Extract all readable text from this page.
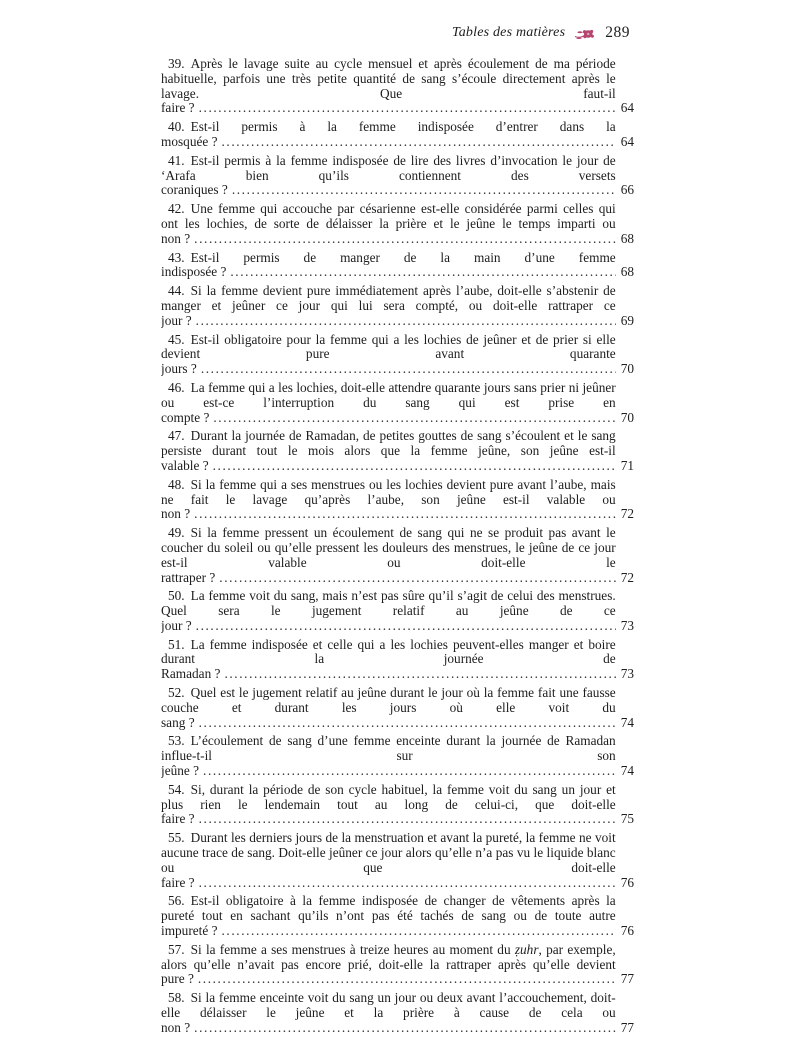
Tables des matières	289

39. Après le lavage suite au cycle mensuel et après écoulement de ma période habituelle, parfois une très petite quantité de sang s’écoule directement après le lavage. Que faut-il faire ? .....	64

40. Est-il permis à la femme indisposée d’entrer dans la mosquée ? .....	64

41. Est-il permis à la femme indisposée de lire des livres d’invocation le jour de ‘Arafa bien qu’ils contiennent des versets coraniques ? .....	66

42. Une femme qui accouche par césarienne est-elle considérée parmi celles qui ont les lochies, de sorte de délaisser la prière et le jeûne le temps imparti ou non ? .....	68

43. Est-il permis de manger de la main d’une femme indisposée ? .....	68

44. Si la femme devient pure immédiatement après l’aube, doit-elle s’abstenir de manger et jeûner ce jour qui lui sera compté, ou doit-elle rattraper ce jour ? .....	69

45. Est-il obligatoire pour la femme qui a les lochies de jeûner et de prier si elle devient pure avant quarante jours ? .....	70

46. La femme qui a les lochies, doit-elle attendre quarante jours sans prier ni jeûner ou est-ce l’interruption du sang qui est prise en compte ? .....	70

47. Durant la journée de Ramadan, de petites gouttes de sang s’écoulent et le sang persiste durant tout le mois alors que la femme jeûne, son jeûne est-il valable ? .....	71

48. Si la femme qui a ses menstrues ou les lochies devient pure avant l’aube, mais ne fait le lavage qu’après l’aube, son jeûne est-il valable ou non ? .....	72

49. Si la femme pressent un écoulement de sang qui ne se produit pas avant le coucher du soleil ou qu’elle pressent les douleurs des menstrues, le jeûne de ce jour est-il valable ou doit-elle le rattraper ? .....	72

50. La femme voit du sang, mais n’est pas sûre qu’il s’agit de celui des menstrues. Quel sera le jugement relatif au jeûne de ce jour ? .....	73

51. La femme indisposée et celle qui a les lochies peuvent-elles manger et boire durant la journée de Ramadan ? .....	73

52. Quel est le jugement relatif au jeûne durant le jour où la femme fait une fausse couche et durant les jours où elle voit du sang ? .....	74

53. L’écoulement de sang d’une femme enceinte durant la journée de Ramadan influe-t-il sur son jeûne ? .....	74

54. Si, durant la période de son cycle habituel, la femme voit du sang un jour et plus rien le lendemain tout au long de celui-ci, que doit-elle faire ? .....	75

55. Durant les derniers jours de la menstruation et avant la pureté, la femme ne voit aucune trace de sang. Doit-elle jeûner ce jour alors qu’elle n’a pas vu le liquide blanc ou que doit-elle faire ? .....	76

56. Est-il obligatoire à la femme indisposée de changer de vêtements après la pureté tout en sachant qu’ils n’ont pas été tachés de sang ou de toute autre impureté ? .....	76

57. Si la femme a ses menstrues à treize heures au moment du ẓuhr, par exemple, alors qu’elle n’avait pas encore prié, doit-elle la rattraper après qu’elle devient pure ? .....	77

58. Si la femme enceinte voit du sang un jour ou deux avant l’accouchement, doit-elle délaisser le jeûne et la prière à cause de cela ou non ? .....	77
